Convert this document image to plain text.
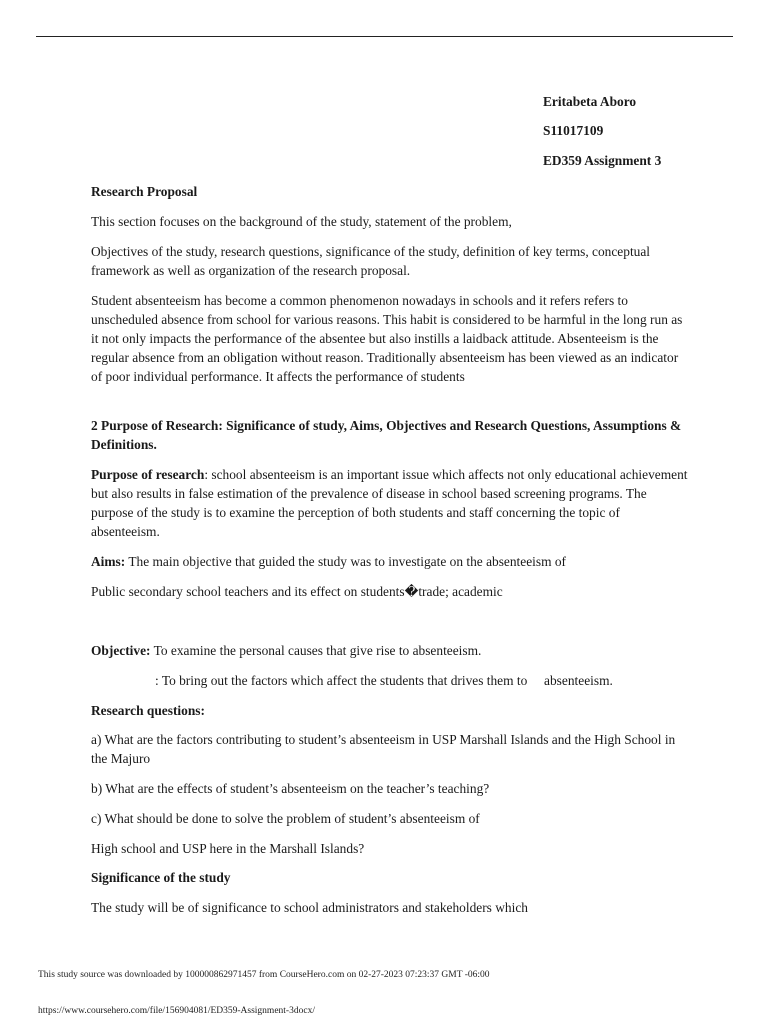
Eritabeta Aboro
S11017109
ED359 Assignment 3

Research Proposal

This section focuses on the background of the study, statement of the problem,

Objectives of the study, research questions, significance of the study, definition of key terms, conceptual framework as well as organization of the research proposal.

Student absenteeism has become a common phenomenon nowadays in schools and it refers refers to unscheduled absence from school for various reasons. This habit is considered to be harmful in the long run as it not only impacts the performance of the absentee but also instills a laidback attitude. Absenteeism is the regular absence from an obligation without reason. Traditionally absenteeism has been viewed as an indicator of poor individual performance. It affects the performance of students

2 Purpose of Research: Significance of study, Aims, Objectives and Research Questions, Assumptions & Definitions.

Purpose of research: school absenteeism is an important issue which affects not only educational achievement but also results in false estimation of the prevalence of disease in school based screening programs. The purpose of the study is to examine the perception of both students and staff concerning the topic of absenteeism.

Aims: The main objective that guided the study was to investigate on the absenteeism of

Public secondary school teachers and its effect on students�trade; academic

Objective: To examine the personal causes that give rise to absenteeism.

: To bring out the factors which affect the students that drives them to     absenteeism.

Research questions:

a) What are the factors contributing to student’s absenteeism in USP Marshall Islands and the High School in the Majuro

b) What are the effects of student’s absenteeism on the teacher’s teaching?

c) What should be done to solve the problem of student’s absenteeism of

High school and USP here in the Marshall Islands?

Significance of the study

The study will be of significance to school administrators and stakeholders which

This study source was downloaded by 100000862971457 from CourseHero.com on 02-27-2023 07:23:37 GMT -06:00
https://www.coursehero.com/file/156904081/ED359-Assignment-3docx/
